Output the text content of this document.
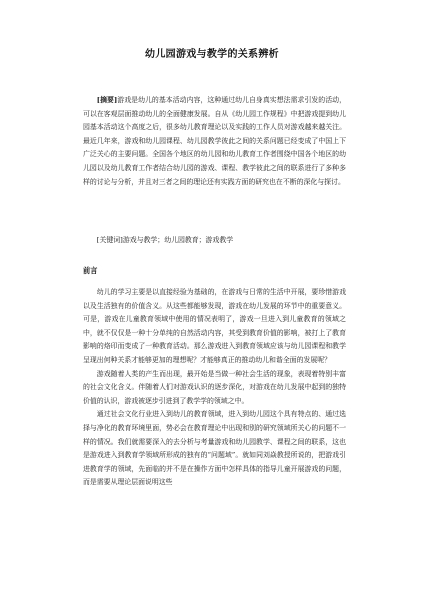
幼儿园游戏与教学的关系辨析

[摘要]游戏是幼儿的基本活动内容，这种通过幼儿自身真实想法需求引发的活动，可以在客观层面推动幼儿的全面健康发展。自从《幼儿园工作规程》中把游戏提到幼儿园基本活动这个高度之后，很多幼儿教育理论以及实践的工作人员对游戏越来越关注。最近几年来，游戏和幼儿园课程、幼儿园教学彼此之间的关系问题已经变成了中国上下广泛关心的主要问题。全国各个地区的幼儿园和幼儿教育工作者围绕中国各个地区的幼儿园以及幼儿教育工作者结合幼儿园的游戏、课程、教学彼此之间的联系进行了多种多样的讨论与分析，并且对三者之间的理论还有实践方面的研究也在不断的深化与探讨。

[关键词]游戏与教学；幼儿园教育；游戏教学

前言

幼儿的学习主要是以直接经验为基础的，在游戏与日常的生活中开展，要珍惜游戏以及生活独有的价值含义。从这些都能够发现，游戏在幼儿发展的环节中的重要意义。可是，游戏在儿童教育领域中使用的情况表明了，游戏一旦进入到儿童教育的领域之中，就不仅仅是一种十分单纯的自然活动内容，其受到教育价值的影响，被打上了教育影响的烙印而变成了一种教育活动。那么游戏进入到教育领域应该与幼儿园课程和教学呈现出何种关系才能够更加的理想呢？才能够真正的推动幼儿和谐全面的发展呢？

游戏随着人类的产生而出现，最开始是当做一种社会生活的现象，表现着特别丰富的社会文化含义。伴随着人们对游戏认识的逐步深化，对游戏在幼儿发展中起到的独特价值的认识，游戏被逐步引进到了教学学的领域之中。

通过社会文化行业进入到幼儿的教育领域，进入到幼儿园这个具有特点的、通过选择与净化的教育环境里面，势必会在教育理论中出现和别的研究领域所关心的问题不一样的情况。我们就需要深入的去分析与考量游戏和幼儿园教学、课程之间的联系，这也是游戏进入到教育学领域所形成的独有的“问题域”。就如同刘焱教授所说的，把游戏引进教育学的领域，先面临的并不是在操作方面中怎样具体的指导儿童开展游戏的问题，而是需要从理论层面说明这些
